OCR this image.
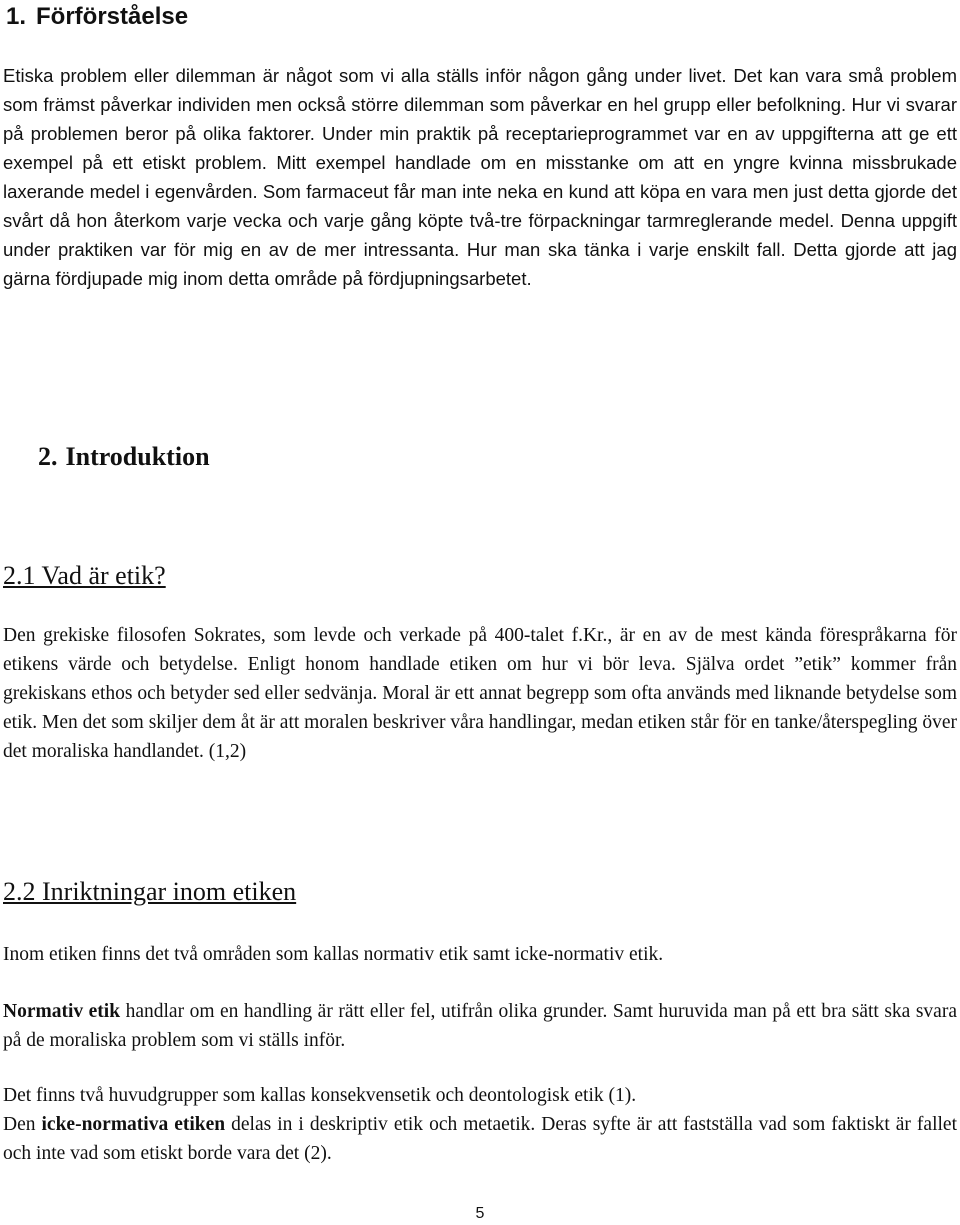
1. Förförståelse

Etiska problem eller dilemman är något som vi alla ställs inför någon gång under livet. Det kan vara små problem som främst påverkar individen men också större dilemman som påverkar en hel grupp eller befolkning. Hur vi svarar på problemen beror på olika faktorer. Under min praktik på receptarieprogrammet var en av uppgifterna att ge ett exempel på ett etiskt problem. Mitt exempel handlade om en misstanke om att en yngre kvinna missbrukade laxerande medel i egenvården. Som farmaceut får man inte neka en kund att köpa en vara men just detta gjorde det svårt då hon återkom varje vecka och varje gång köpte två-tre förpackningar tarmreglerande medel. Denna uppgift under praktiken var för mig en av de mer intressanta. Hur man ska tänka i varje enskilt fall. Detta gjorde att jag gärna fördjupade mig inom detta område på fördjupningsarbetet.

2. Introduktion
2.1 Vad är etik?

Den grekiske filosofen Sokrates, som levde och verkade på 400-talet f.Kr., är en av de mest kända förespråkarna för etikens värde och betydelse. Enligt honom handlade etiken om hur vi bör leva. Själva ordet ”etik” kommer från grekiskans ethos och betyder sed eller sedvänja. Moral är ett annat begrepp som ofta används med liknande betydelse som etik. Men det som skiljer dem åt är att moralen beskriver våra handlingar, medan etiken står för en tanke/återspegling över det moraliska handlandet. (1,2)

2.2 Inriktningar inom etiken

Inom etiken finns det två områden som kallas normativ etik samt icke-normativ etik.

Normativ etik handlar om en handling är rätt eller fel, utifrån olika grunder. Samt huruvida man på ett bra sätt ska svara på de moraliska problem som vi ställs inför.

Det finns två huvudgrupper som kallas konsekvensetik och deontologisk etik (1).

Den icke-normativa etiken delas in i deskriptiv etik och metaetik. Deras syfte är att fastställa vad som faktiskt är fallet och inte vad som etiskt borde vara det (2).

5
